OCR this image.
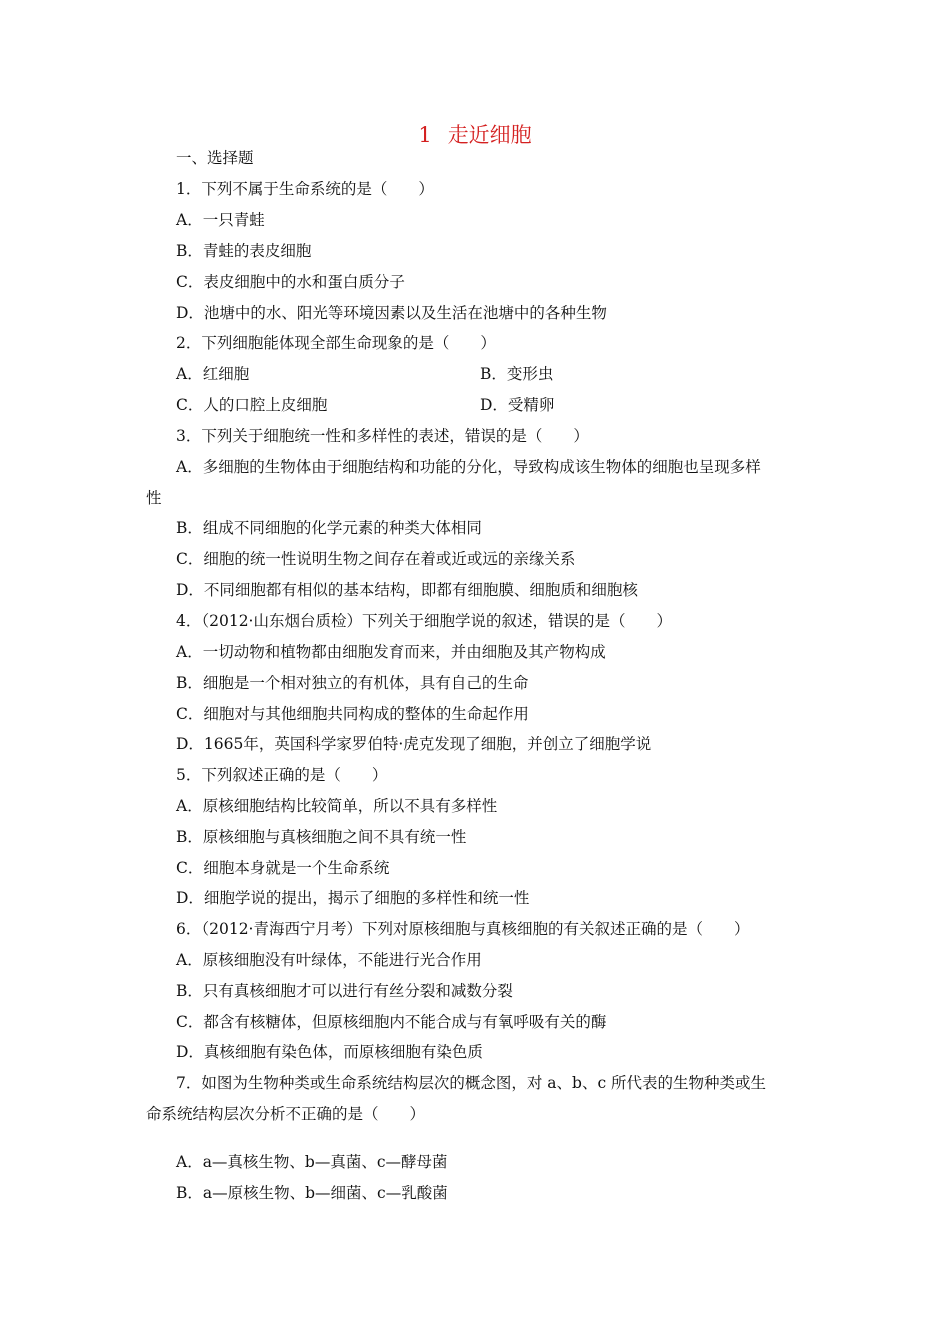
1 走近细胞
一、选择题
1．下列不属于生命系统的是（　　）
A．一只青蛙
B．青蛙的表皮细胞
C．表皮细胞中的水和蛋白质分子
D．池塘中的水、阳光等环境因素以及生活在池塘中的各种生物
2．下列细胞能体现全部生命现象的是（　　）
A．红细胞	B．变形虫
C．人的口腔上皮细胞	D．受精卵
3．下列关于细胞统一性和多样性的表述，错误的是（　　）
A．多细胞的生物体由于细胞结构和功能的分化，导致构成该生物体的细胞也呈现多样
性
B．组成不同细胞的化学元素的种类大体相同
C．细胞的统一性说明生物之间存在着或近或远的亲缘关系
D．不同细胞都有相似的基本结构，即都有细胞膜、细胞质和细胞核
4．（2012·山东烟台质检）下列关于细胞学说的叙述，错误的是（　　）
A．一切动物和植物都由细胞发育而来，并由细胞及其产物构成
B．细胞是一个相对独立的有机体，具有自己的生命
C．细胞对与其他细胞共同构成的整体的生命起作用
D．1665年，英国科学家罗伯特·虎克发现了细胞，并创立了细胞学说
5．下列叙述正确的是（　　）
A．原核细胞结构比较简单，所以不具有多样性
B．原核细胞与真核细胞之间不具有统一性
C．细胞本身就是一个生命系统
D．细胞学说的提出，揭示了细胞的多样性和统一性
6．（2012·青海西宁月考）下列对原核细胞与真核细胞的有关叙述正确的是（　　）
A．原核细胞没有叶绿体，不能进行光合作用
B．只有真核细胞才可以进行有丝分裂和减数分裂
C．都含有核糖体，但原核细胞内不能合成与有氧呼吸有关的酶
D．真核细胞有染色体，而原核细胞有染色质
7．如图为生物种类或生命系统结构层次的概念图，对 a、b、c 所代表的生物种类或生
命系统结构层次分析不正确的是（　　）
A．a—真核生物、b—真菌、c—酵母菌
B．a—原核生物、b—细菌、c—乳酸菌
